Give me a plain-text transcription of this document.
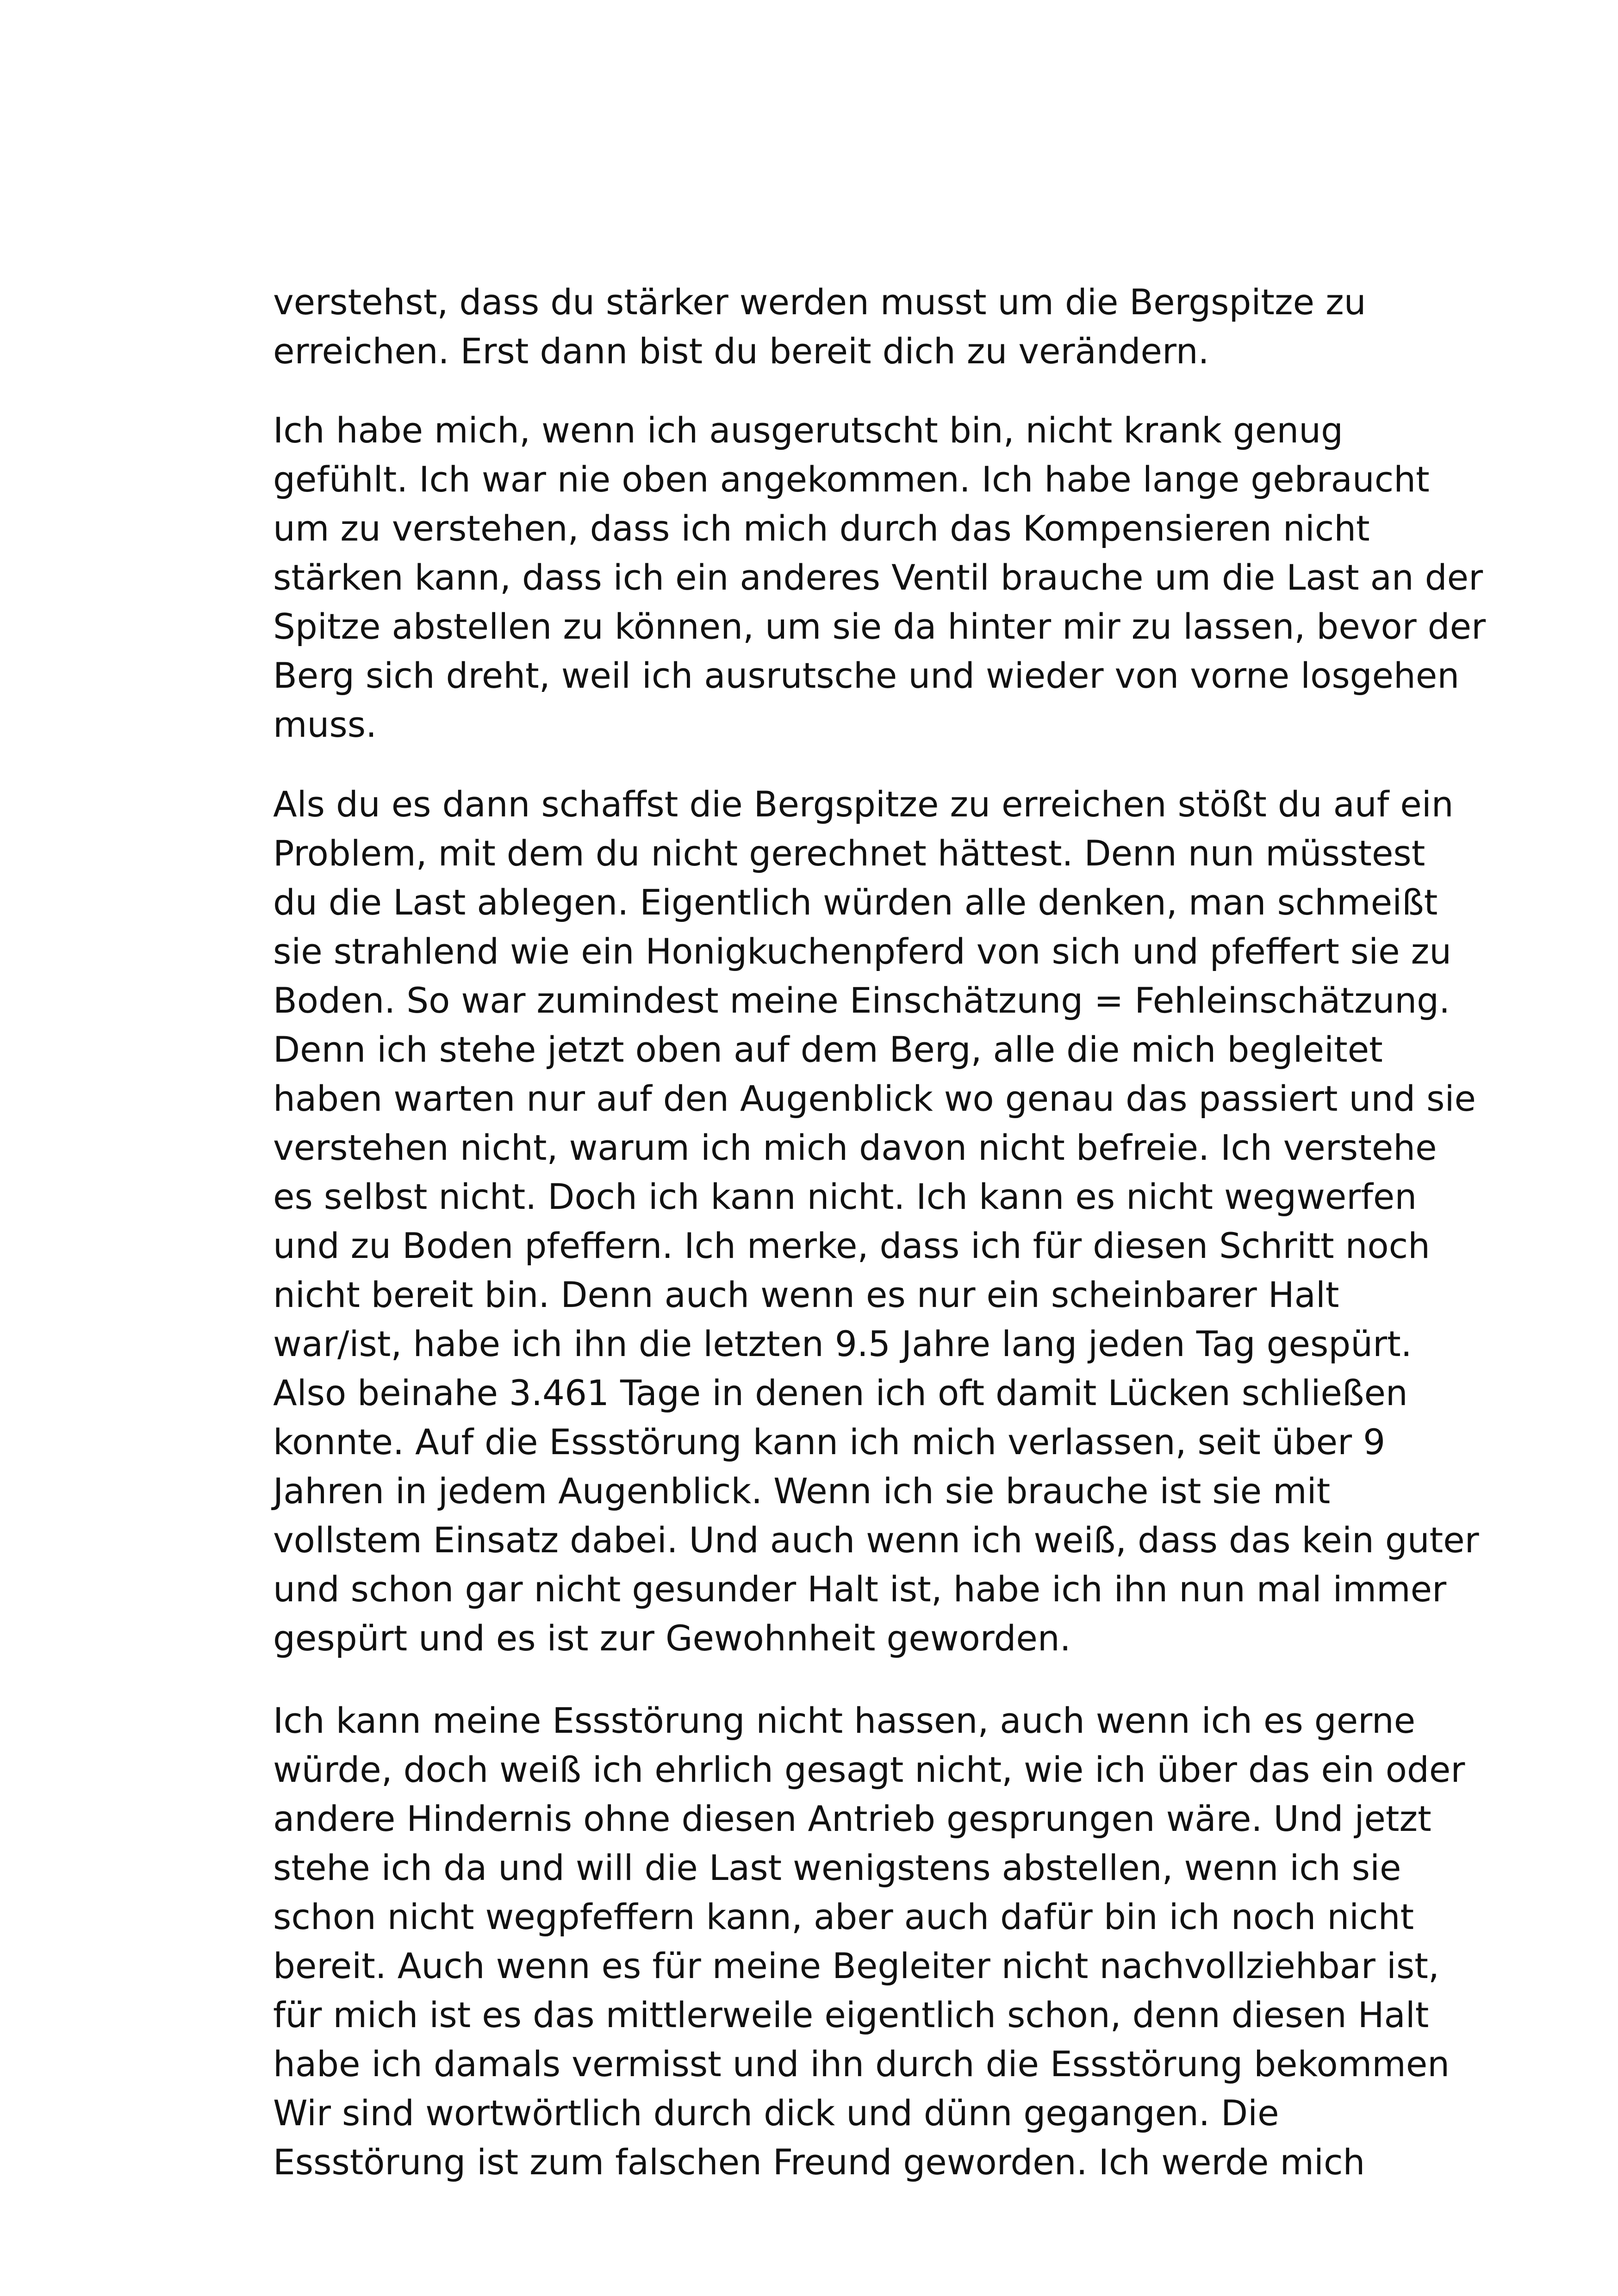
verstehst, dass du stärker werden musst um die Bergspitze zu
erreichen. Erst dann bist du bereit dich zu verändern.
Ich habe mich, wenn ich ausgerutscht bin, nicht krank genug
gefühlt. Ich war nie oben angekommen. Ich habe lange gebraucht
um zu verstehen, dass ich mich durch das Kompensieren nicht
stärken kann, dass ich ein anderes Ventil brauche um die Last an der
Spitze abstellen zu können, um sie da hinter mir zu lassen, bevor der
Berg sich dreht, weil ich ausrutsche und wieder von vorne losgehen
muss.
Als du es dann schaffst die Bergspitze zu erreichen stößt du auf ein
Problem, mit dem du nicht gerechnet hättest. Denn nun müsstest
du die Last ablegen. Eigentlich würden alle denken, man schmeißt
sie strahlend wie ein Honigkuchenpferd von sich und pfeffert sie zu
Boden. So war zumindest meine Einschätzung = Fehleinschätzung.
Denn ich stehe jetzt oben auf dem Berg, alle die mich begleitet
haben warten nur auf den Augenblick wo genau das passiert und sie
verstehen nicht, warum ich mich davon nicht befreie. Ich verstehe
es selbst nicht. Doch ich kann nicht. Ich kann es nicht wegwerfen
und zu Boden pfeffern. Ich merke, dass ich für diesen Schritt noch
nicht bereit bin. Denn auch wenn es nur ein scheinbarer Halt
war/ist, habe ich ihn die letzten 9.5 Jahre lang jeden Tag gespürt.
Also beinahe 3.461 Tage in denen ich oft damit Lücken schließen
konnte. Auf die Essstörung kann ich mich verlassen, seit über 9
Jahren in jedem Augenblick. Wenn ich sie brauche ist sie mit
vollstem Einsatz dabei. Und auch wenn ich weiß, dass das kein guter
und schon gar nicht gesunder Halt ist, habe ich ihn nun mal immer
gespürt und es ist zur Gewohnheit geworden.
Ich kann meine Essstörung nicht hassen, auch wenn ich es gerne
würde, doch weiß ich ehrlich gesagt nicht, wie ich über das ein oder
andere Hindernis ohne diesen Antrieb gesprungen wäre. Und jetzt
stehe ich da und will die Last wenigstens abstellen, wenn ich sie
schon nicht wegpfeffern kann, aber auch dafür bin ich noch nicht
bereit. Auch wenn es für meine Begleiter nicht nachvollziehbar ist,
für mich ist es das mittlerweile eigentlich schon, denn diesen Halt
habe ich damals vermisst und ihn durch die Essstörung bekommen
Wir sind wortwörtlich durch dick und dünn gegangen. Die
Essstörung ist zum falschen Freund geworden. Ich werde mich
